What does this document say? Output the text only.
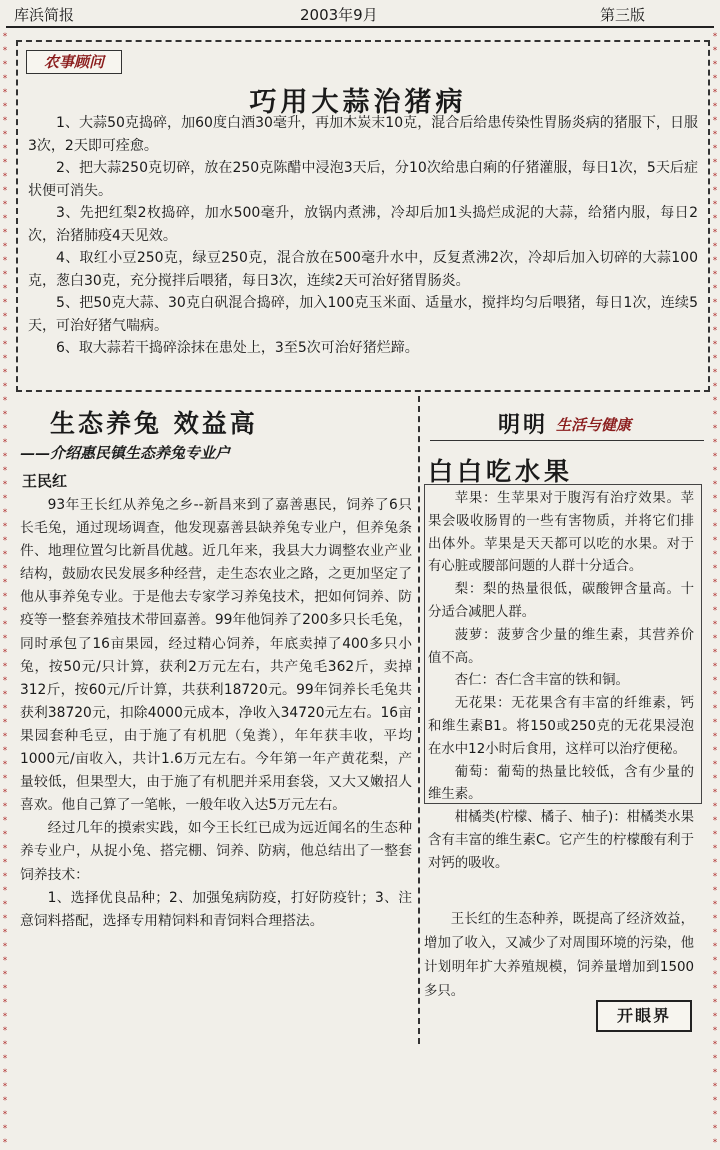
库浜简报	2003年9月	第三版
*
*
*
*
*
*
*
*
*
*
*
*
*
*
*
*
*
*
*
*
*
*
*
*
*
*
*
*
*
*
*
*
*
*
*
*
*
*
*
*
*
*
*
*
*
*
*
*
*
*
*
*
*
*
*
*
*
*
*
*
*
*
*
*
*
*
*
*
*
*
*
*
*
*
*
*
*
*
*
*
*
*
*
*
*
*
*
*
*
*
*
*
*
*
*
*
*
*
*
*
*
*
*
*
*
*
*
*
*
*
*
*
*
*
*
*
*
*
*
*
*
*
*
*
*
*
*
*
*
*
*
*
*
*
*
*
*
*
*
*
*
*
*
*
*
*
*
*
*
*
*
*
*
*
*
*
*
*
*
*
农事顾问
巧用大蒜治猪病

1、大蒜50克捣碎，加60度白酒30毫升，再加木炭末10克，混合后给患传染性胃肠炎病的猪服下，日服3次，2天即可痊愈。

2、把大蒜250克切碎，放在250克陈醋中浸泡3天后，分10次给患白痢的仔猪灌服，每日1次，5天后症状便可消失。

3、先把红梨2枚捣碎，加水500毫升，放锅内煮沸，冷却后加1头捣烂成泥的大蒜，给猪内服，每日2次，治猪肺疫4天见效。

4、取红小豆250克，绿豆250克，混合放在500毫升水中，反复煮沸2次，冷却后加入切碎的大蒜100克，葱白30克，充分搅拌后喂猪，每日3次，连续2天可治好猪胃肠炎。

5、把50克大蒜、30克白矾混合捣碎，加入100克玉米面、适量水，搅拌均匀后喂猪，每日1次，连续5天，可治好猪气喘病。

6、取大蒜若干捣碎涂抹在患处上，3至5次可治好猪烂蹄。

生态养兔 效益高
——介绍惠民镇生态养兔专业户
王民红

93年王长红从养兔之乡--新昌来到了嘉善惠民，饲养了6只长毛兔，通过现场调查，他发现嘉善县缺养兔专业户，但养兔条件、地理位置匀比新昌优越。近几年来，我县大力调整农业产业结构，鼓励农民发展多种经营，走生态农业之路，之更加坚定了他从事养兔专业。于是他去专家学习养兔技术，把如何饲养、防疫等一整套养殖技术带回嘉善。99年他饲养了200多只长毛兔，同时承包了16亩果园，经过精心饲养，年底卖掉了400多只小兔，按50元/只计算，获利2万元左右，共产兔毛362斤，卖掉312斤，按60元/斤计算，共获利18720元。99年饲养长毛兔共获利38720元，扣除4000元成本，净收入34720元左右。16亩果园套种毛豆，由于施了有机肥（兔粪），年年获丰收，平均1000元/亩收入，共计1.6万元左右。今年第一年产黄花梨，产量较低，但果型大，由于施了有机肥并采用套袋，又大又嫩招人喜欢。他自己算了一笔帐，一般年收入达5万元左右。

经过几年的摸索实践，如今王长红已成为远近闻名的生态种养专业户，从捉小兔、搭完棚、饲养、防病，他总结出了一整套饲养技术：

1、选择优良品种；2、加强兔病防疫，打好防疫针；3、注意饲料搭配，选择专用精饲料和青饲料合理搭法。

明明 生活与健康
白白吃水果

苹果：生苹果对于腹泻有治疗效果。苹果会吸收肠胃的一些有害物质，并将它们排出体外。苹果是天天都可以吃的水果。对于有心脏或腰部问题的人群十分适合。

梨：梨的热量很低，碳酸钾含量高。十分适合减肥人群。

菠萝：菠萝含少量的维生素，其营养价值不高。

杏仁：杏仁含丰富的铁和铜。

无花果：无花果含有丰富的纤维素，钙和维生素B1。将150或250克的无花果浸泡在水中12小时后食用，这样可以治疗便秘。

葡萄：葡萄的热量比较低，含有少量的维生素。

柑橘类(柠檬、橘子、柚子)：柑橘类水果含有丰富的维生素C。它产生的柠檬酸有利于对钙的吸收。

王长红的生态种养，既提高了经济效益，增加了收入，又减少了对周围环境的污染，他计划明年扩大养殖规模，饲养量增加到1500多只。

开眼界
